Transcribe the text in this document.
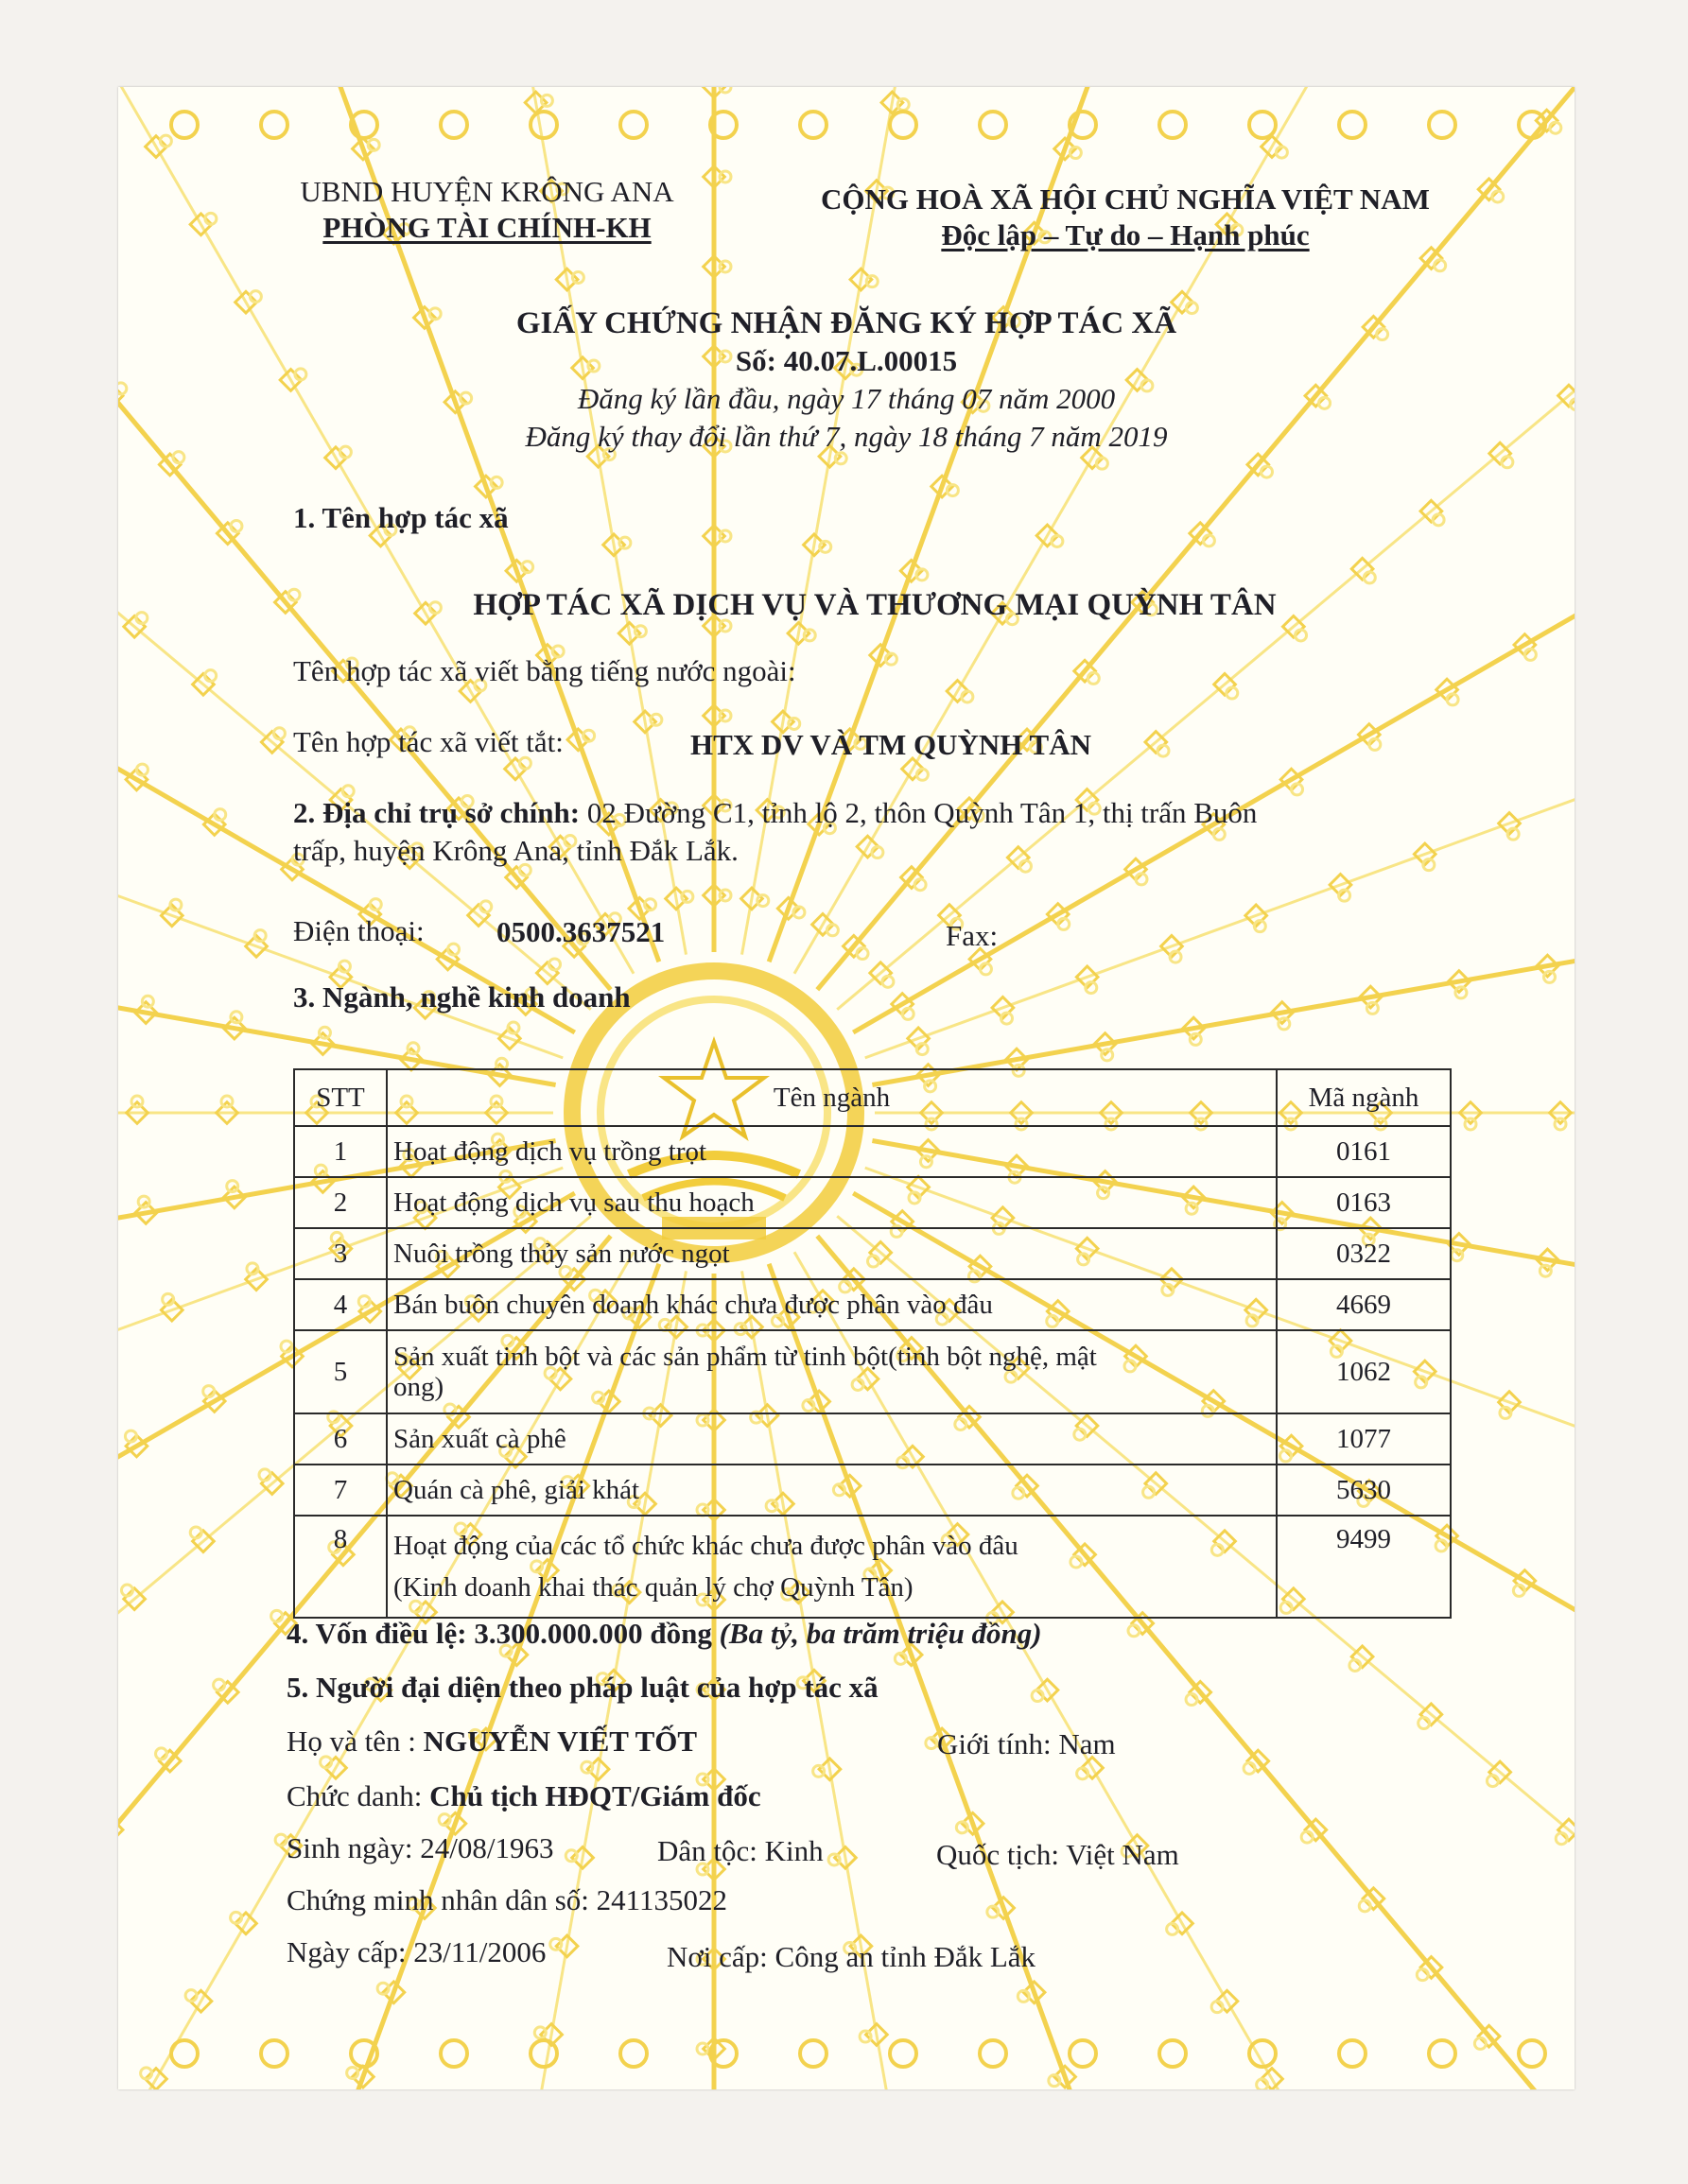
UBND HUYỆN KRÔNG ANA
PHÒNG TÀI CHÍNH-KH
CỘNG HOÀ XÃ HỘI CHỦ NGHĨA VIỆT NAM
Độc lập – Tự do – Hạnh phúc
GIẤY CHỨNG NHẬN ĐĂNG KÝ HỢP TÁC XÃ
Số: 40.07.L.00015
Đăng ký lần đầu, ngày 17 tháng 07 năm 2000
Đăng ký thay đổi lần thứ 7, ngày 18 tháng 7 năm 2019
1. Tên hợp tác xã
HỢP TÁC XÃ DỊCH VỤ VÀ THƯƠNG MẠI QUỲNH TÂN
Tên hợp tác xã viết bằng tiếng nước ngoài:
Tên hợp tác xã viết tắt:	HTX DV VÀ TM QUỲNH TÂN
2. Địa chỉ trụ sở chính: 02 Đường C1, tỉnh lộ 2, thôn Quỳnh Tân 1, thị trấn Buôn
trấp, huyện Krông Ana, tỉnh Đắk Lắk.
Điện thoại: 0500.3637521	Fax:
3. Ngành, nghề kinh doanh
STT	Tên ngành	Mã ngành
1	Hoạt động dịch vụ trồng trọt	0161
2	Hoạt động dịch vụ sau thu hoạch	0163
3	Nuôi trồng thủy sản nước ngọt	0322
4	Bán buôn chuyên doanh khác chưa được phân vào đâu	4669
5	Sản xuất tinh bột và các sản phẩm từ tinh bột(tinh bột nghệ, mật
ong)	1062
6	Sản xuất cà phê	1077
7	Quán cà phê, giải khát	5630
8	Hoạt động của các tổ chức khác chưa được phân vào đâu
(Kinh doanh khai thác quản lý chợ Quỳnh Tân)	9499
4. Vốn điều lệ: 3.300.000.000 đồng (Ba tỷ, ba trăm triệu đồng)
5. Người đại diện theo pháp luật của hợp tác xã
Họ và tên : NGUYỄN VIẾT TỐT	Giới tính: Nam
Chức danh: Chủ tịch HĐQT/Giám đốc
Sinh ngày: 24/08/1963	Dân tộc: Kinh	Quốc tịch: Việt Nam
Chứng minh nhân dân số: 241135022
Ngày cấp: 23/11/2006	Nơi cấp: Công an tỉnh Đắk Lắk
